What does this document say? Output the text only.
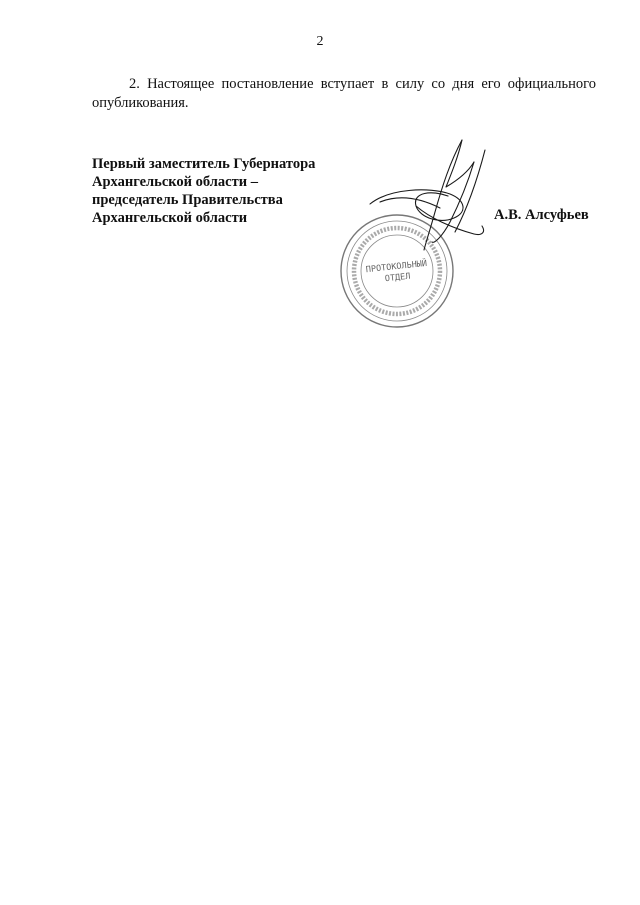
2

2. Настоящее постановление вступает в силу со дня его официального опубликования.

Первый заместитель Губернатора
Архангельской области –
председатель Правительства
Архангельской области	А.В. Алсуфьев
ПРОТОКОЛЬНЫЙ
ОТДЕЛ
